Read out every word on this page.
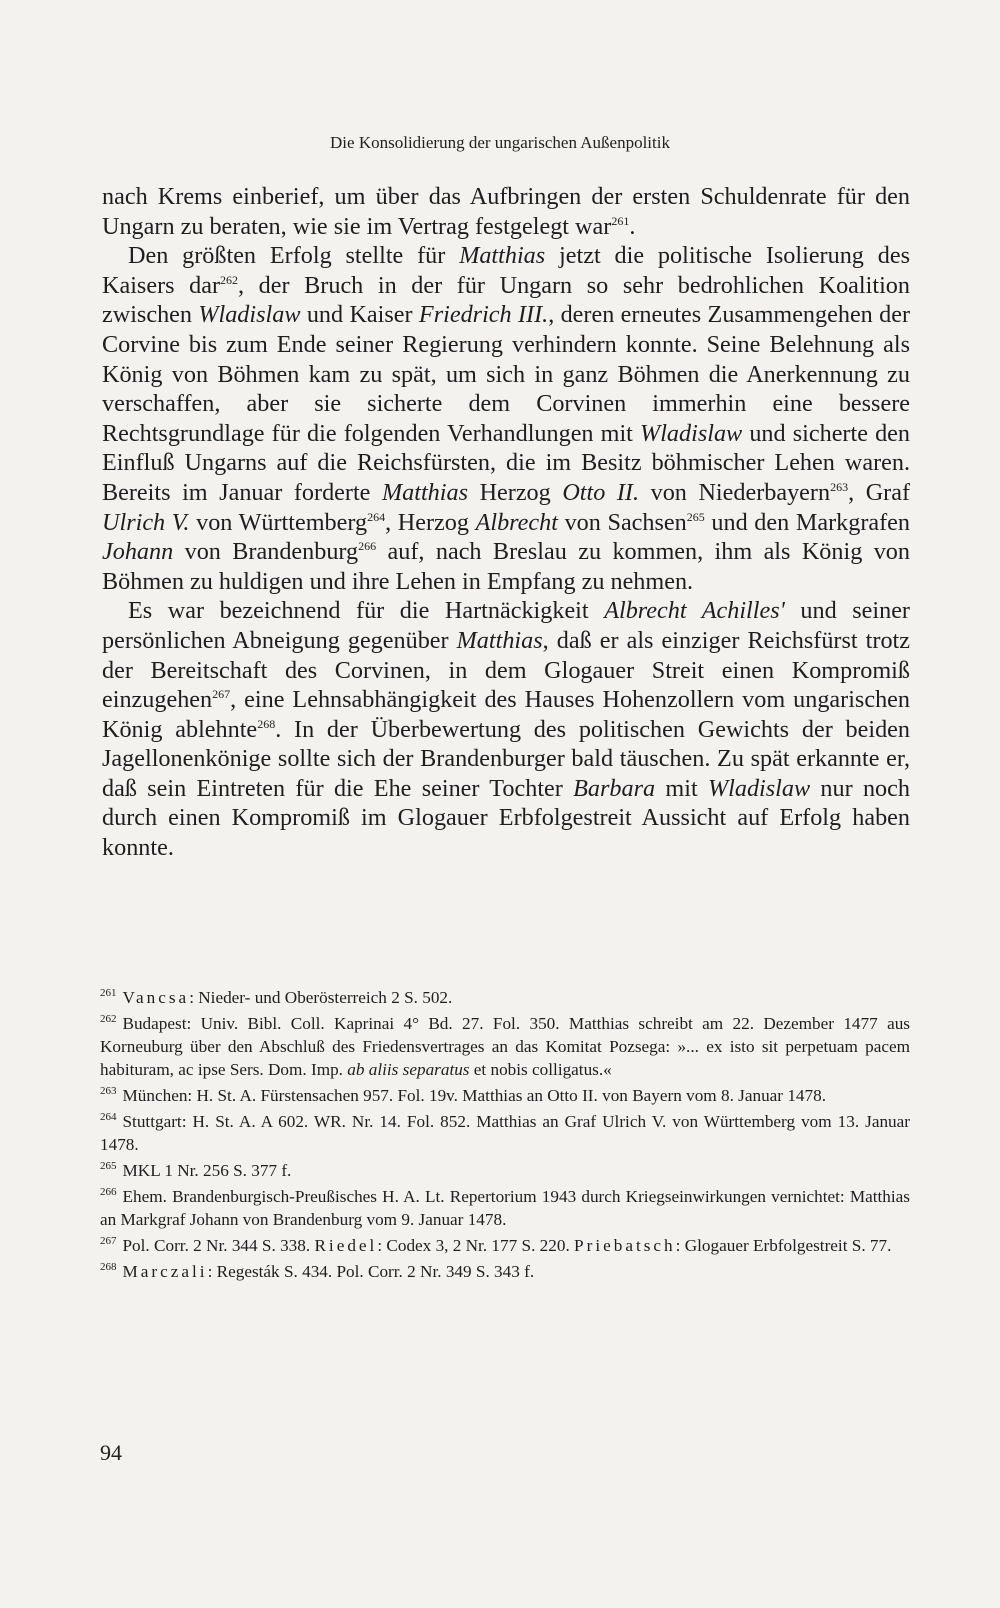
Die Konsolidierung der ungarischen Außenpolitik

nach Krems einberief, um über das Aufbringen der ersten Schuldenrate für den Ungarn zu beraten, wie sie im Vertrag festgelegt war$^{261}$.

Den größten Erfolg stellte für Matthias jetzt die politische Isolierung des Kaisers dar$^{262}$, der Bruch in der für Ungarn so sehr bedrohlichen Koalition zwischen Wladislaw und Kaiser Friedrich III., deren erneutes Zusammengehen der Corvine bis zum Ende seiner Regierung verhindern konnte. Seine Belehnung als König von Böhmen kam zu spät, um sich in ganz Böhmen die Anerkennung zu verschaffen, aber sie sicherte dem Corvinen immerhin eine bessere Rechtsgrundlage für die folgenden Verhandlungen mit Wladislaw und sicherte den Einfluß Ungarns auf die Reichsfürsten, die im Besitz böhmischer Lehen waren. Bereits im Januar forderte Matthias Herzog Otto II. von Niederbayern$^{263}$, Graf Ulrich V. von Württemberg$^{264}$, Herzog Albrecht von Sachsen$^{265}$ und den Markgrafen Johann von Brandenburg$^{266}$ auf, nach Breslau zu kommen, ihm als König von Böhmen zu huldigen und ihre Lehen in Empfang zu nehmen.

Es war bezeichnend für die Hartnäckigkeit Albrecht Achilles' und seiner persönlichen Abneigung gegenüber Matthias, daß er als einziger Reichsfürst trotz der Bereitschaft des Corvinen, in dem Glogauer Streit einen Kompromiß einzugehen$^{267}$, eine Lehnsabhängigkeit des Hauses Hohenzollern vom ungarischen König ablehnte$^{268}$. In der Überbewertung des politischen Gewichts der beiden Jagellonenkönige sollte sich der Brandenburger bald täuschen. Zu spät erkannte er, daß sein Eintreten für die Ehe seiner Tochter Barbara mit Wladislaw nur noch durch einen Kompromiß im Glogauer Erbfolgestreit Aussicht auf Erfolg haben konnte.

$^{261}$ Vancsa: Nieder- und Oberösterreich 2 S. 502.
$^{262}$ Budapest: Univ. Bibl. Coll. Kaprinai 4° Bd. 27. Fol. 350. Matthias schreibt am 22. Dezember 1477 aus Korneuburg über den Abschluß des Friedensvertrages an das Komitat Pozsega: »... ex isto sit perpetuam pacem habituram, ac ipse Sers. Dom. Imp. ab aliis separatus et nobis colligatus.«
$^{263}$ München: H. St. A. Fürstensachen 957. Fol. 19v. Matthias an Otto II. von Bayern vom 8. Januar 1478.
$^{264}$ Stuttgart: H. St. A. A 602. WR. Nr. 14. Fol. 852. Matthias an Graf Ulrich V. von Württemberg vom 13. Januar 1478.
$^{265}$ MKL 1 Nr. 256 S. 377 f.
$^{266}$ Ehem. Brandenburgisch-Preußisches H. A. Lt. Repertorium 1943 durch Kriegseinwirkungen vernichtet: Matthias an Markgraf Johann von Brandenburg vom 9. Januar 1478.
$^{267}$ Pol. Corr. 2 Nr. 344 S. 338. Riedel: Codex 3, 2 Nr. 177 S. 220. Priebatsch: Glogauer Erbfolgestreit S. 77.
$^{268}$ Marczali: Regesták S. 434. Pol. Corr. 2 Nr. 349 S. 343 f.
94
